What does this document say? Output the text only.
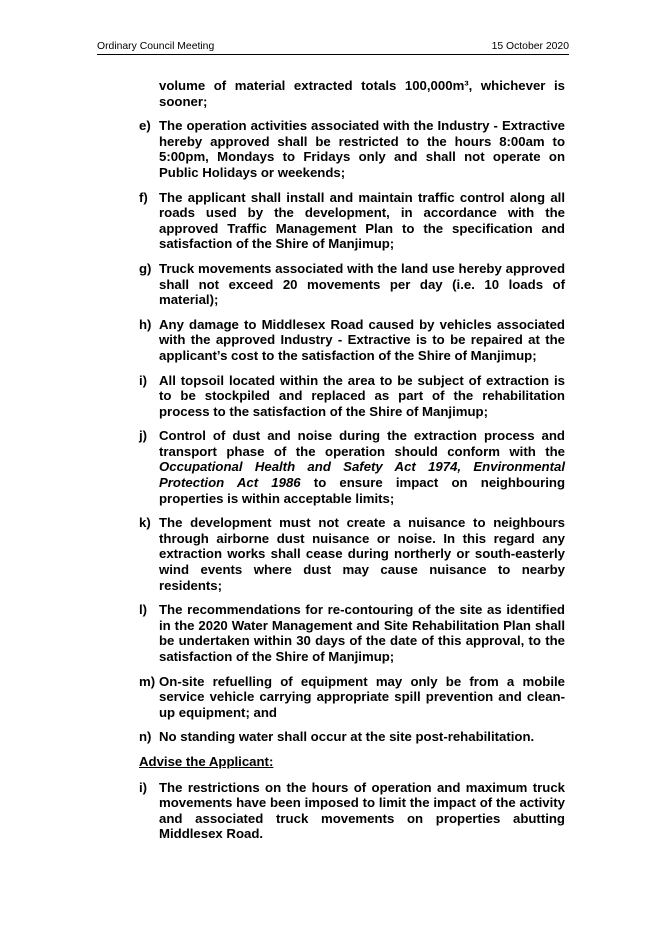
Ordinary Council Meeting	15 October 2020
volume of material extracted totals 100,000m³, whichever is sooner;
e) The operation activities associated with the Industry - Extractive hereby approved shall be restricted to the hours 8:00am to 5:00pm, Mondays to Fridays only and shall not operate on Public Holidays or weekends;
f) The applicant shall install and maintain traffic control along all roads used by the development, in accordance with the approved Traffic Management Plan to the specification and satisfaction of the Shire of Manjimup;
g) Truck movements associated with the land use hereby approved shall not exceed 20 movements per day (i.e. 10 loads of material);
h) Any damage to Middlesex Road caused by vehicles associated with the approved Industry - Extractive is to be repaired at the applicant’s cost to the satisfaction of the Shire of Manjimup;
i) All topsoil located within the area to be subject of extraction is to be stockpiled and replaced as part of the rehabilitation process to the satisfaction of the Shire of Manjimup;
j) Control of dust and noise during the extraction process and transport phase of the operation should conform with the Occupational Health and Safety Act 1974, Environmental Protection Act 1986 to ensure impact on neighbouring properties is within acceptable limits;
k) The development must not create a nuisance to neighbours through airborne dust nuisance or noise. In this regard any extraction works shall cease during northerly or south-easterly wind events where dust may cause nuisance to nearby residents;
l) The recommendations for re-contouring of the site as identified in the 2020 Water Management and Site Rehabilitation Plan shall be undertaken within 30 days of the date of this approval, to the satisfaction of the Shire of Manjimup;
m) On-site refuelling of equipment may only be from a mobile service vehicle carrying appropriate spill prevention and clean-up equipment; and
n) No standing water shall occur at the site post-rehabilitation.
Advise the Applicant:
i) The restrictions on the hours of operation and maximum truck movements have been imposed to limit the impact of the activity and associated truck movements on properties abutting Middlesex Road.
